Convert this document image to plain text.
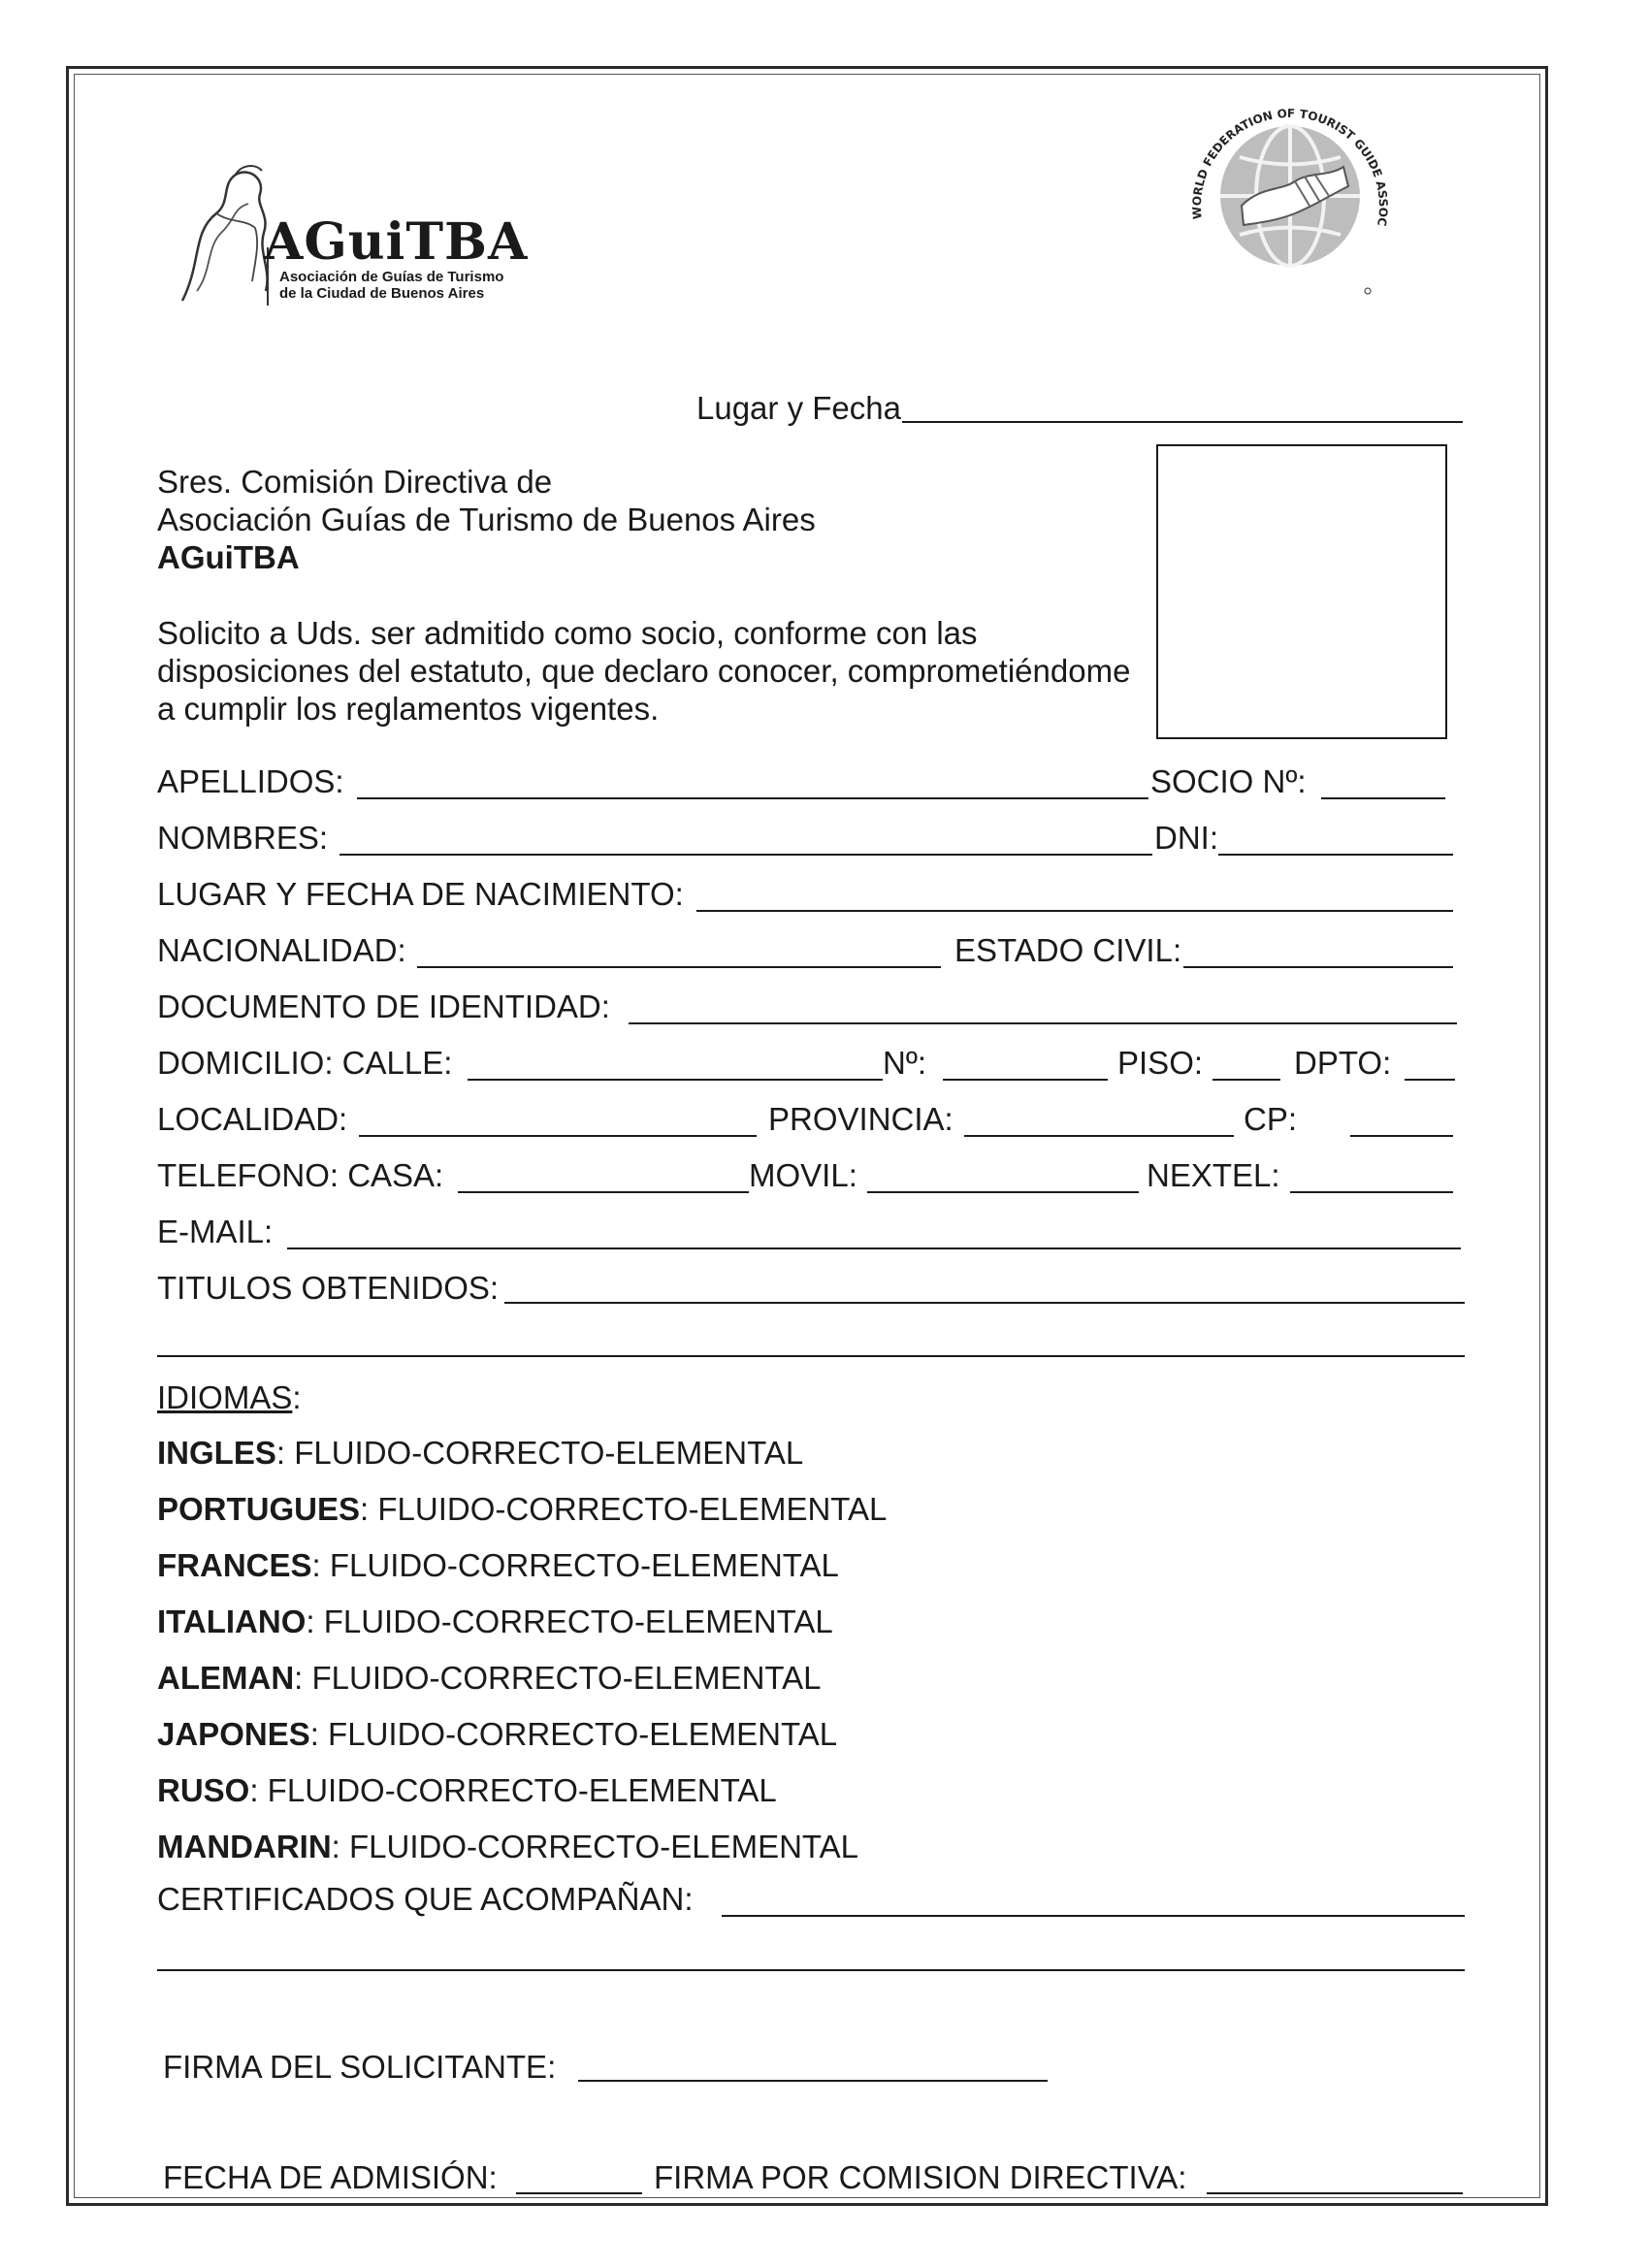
AGuiTBA
Asociación de Guías de Turismo
de la Ciudad de Buenos Aires
WORLD FEDERATION OF TOURIST GUIDE ASSOC
Lugar y Fecha
Sres. Comisión Directiva de
Asociación Guías de Turismo de Buenos Aires
AGuiTBA
Solicito a Uds. ser admitido como socio, conforme con las
disposiciones del estatuto, que declaro conocer, comprometiéndome
a cumplir los reglamentos vigentes.
APELLIDOS:	SOCIO Nº:
NOMBRES:	DNI:
LUGAR Y FECHA DE NACIMIENTO:
NACIONALIDAD:	ESTADO CIVIL:
DOCUMENTO DE IDENTIDAD:
DOMICILIO: CALLE:	Nº:	PISO:	DPTO:
LOCALIDAD:	PROVINCIA:	CP:
TELEFONO: CASA:	MOVIL:	NEXTEL:
E-MAIL:
TITULOS OBTENIDOS:
IDIOMAS:
INGLES: FLUIDO-CORRECTO-ELEMENTAL
PORTUGUES: FLUIDO-CORRECTO-ELEMENTAL
FRANCES: FLUIDO-CORRECTO-ELEMENTAL
ITALIANO: FLUIDO-CORRECTO-ELEMENTAL
ALEMAN: FLUIDO-CORRECTO-ELEMENTAL
JAPONES: FLUIDO-CORRECTO-ELEMENTAL
RUSO: FLUIDO-CORRECTO-ELEMENTAL
MANDARIN: FLUIDO-CORRECTO-ELEMENTAL
CERTIFICADOS QUE ACOMPAÑAN:
FIRMA DEL SOLICITANTE:
FECHA DE ADMISIÓN:	FIRMA POR COMISION DIRECTIVA:
